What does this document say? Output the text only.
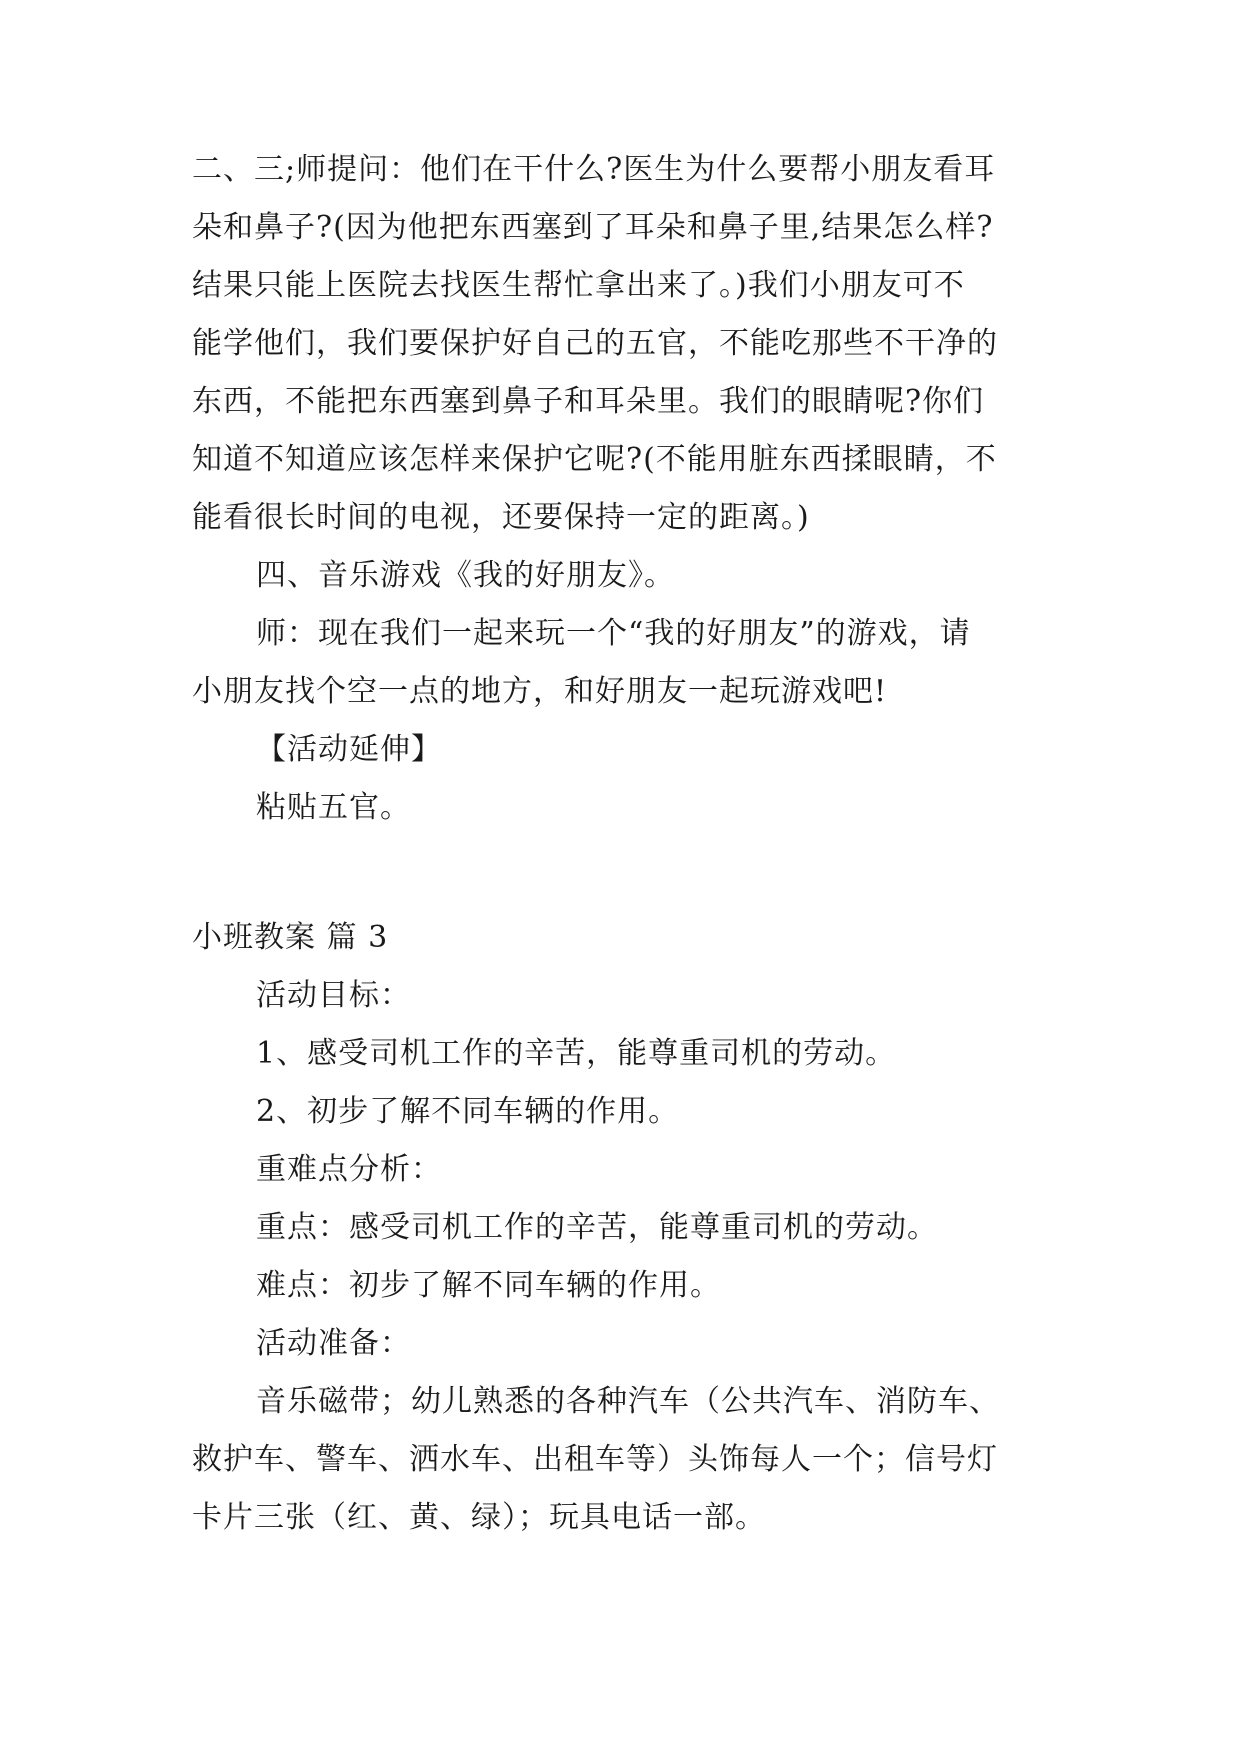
二、三;师提问：他们在干什么?医生为什么要帮小朋友看耳
朵和鼻子?(因为他把东西塞到了耳朵和鼻子里,结果怎么样?
结果只能上医院去找医生帮忙拿出来了。)我们小朋友可不
能学他们，我们要保护好自己的五官，不能吃那些不干净的
东西，不能把东西塞到鼻子和耳朵里。我们的眼睛呢?你们
知道不知道应该怎样来保护它呢?(不能用脏东西揉眼睛，不
能看很长时间的电视，还要保持一定的距离。)
四、音乐游戏《我的好朋友》。
师：现在我们一起来玩一个“我的好朋友”的游戏，请
小朋友找个空一点的地方，和好朋友一起玩游戏吧!
【活动延伸】
粘贴五官。
小班教案 篇 3
活动目标：
1、感受司机工作的辛苦，能尊重司机的劳动。
2、初步了解不同车辆的作用。
重难点分析：
重点：感受司机工作的辛苦，能尊重司机的劳动。
难点：初步了解不同车辆的作用。
活动准备：
音乐磁带；幼儿熟悉的各种汽车（公共汽车、消防车、
救护车、警车、洒水车、出租车等）头饰每人一个；信号灯
卡片三张（红、黄、绿）；玩具电话一部。
